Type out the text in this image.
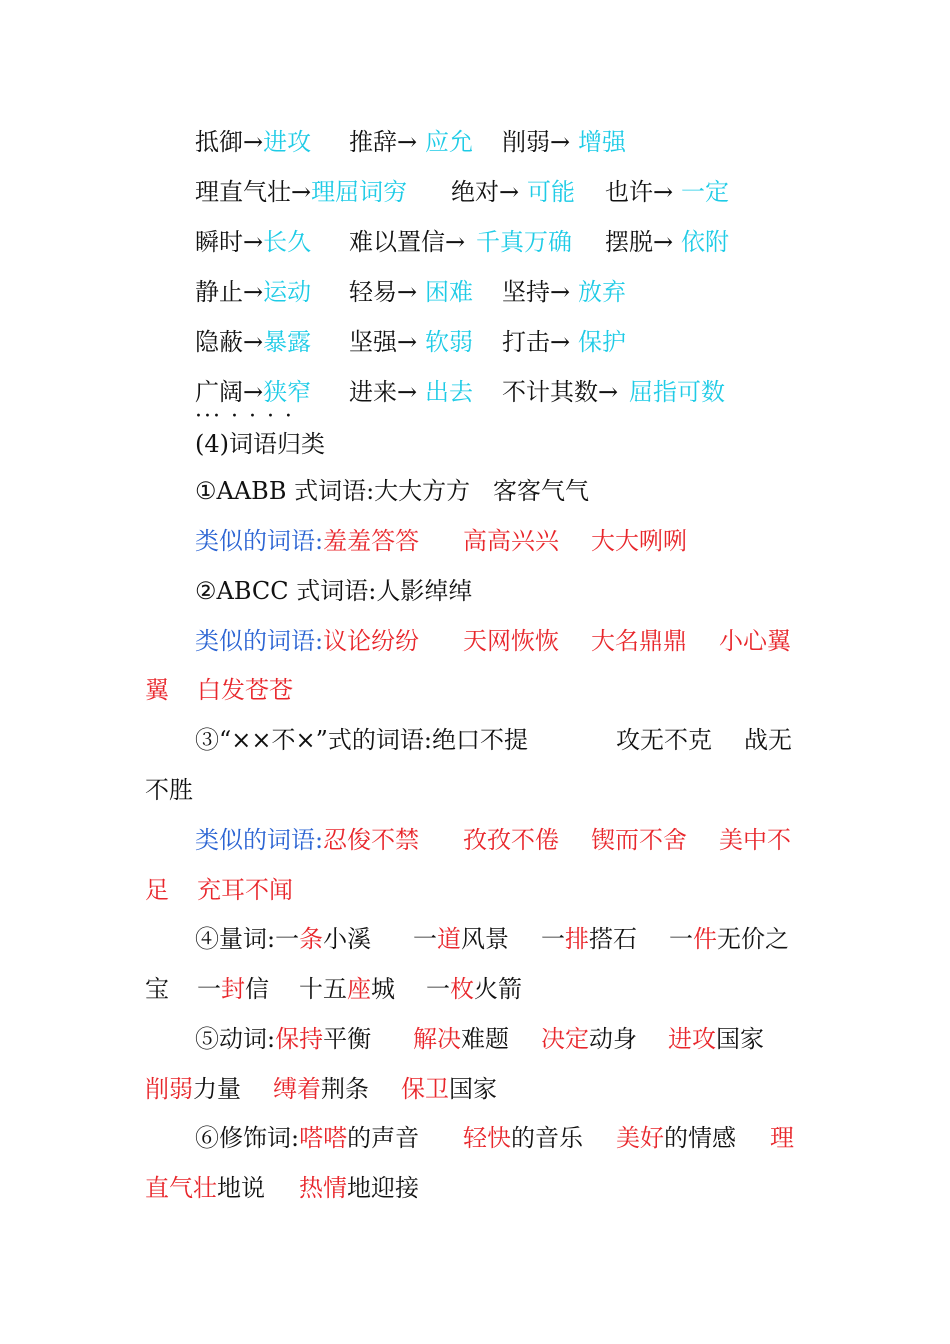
抵御→进攻 推辞→ 应允 削弱→ 增强
理直气壮→理屈词穷 绝对→ 可能 也许→ 一定
瞬时→长久 难以置信→ 千真万确 摆脱→ 依附
静止→运动 轻易→ 困难 坚持→ 放弃
隐蔽→暴露 坚强→ 软弱 打击→ 保护
广阔→狭窄 进来→ 出去 不计其数→ 屈指可数
··· · · · ·
(4)词语归类
①AABB 式词语:大大方方 客客气气
类似的词语:羞羞答答 高高兴兴 大大咧咧
②ABCC 式词语:人影绰绰
类似的词语:议论纷纷 天网恢恢 大名鼎鼎 小心翼
翼 白发苍苍
③“××不×”式的词语:绝口不提	攻无不克 战无
不胜
类似的词语:忍俊不禁 孜孜不倦 锲而不舍 美中不
足 充耳不闻
④量词:一条小溪 一道风景 一排搭石 一件无价之
宝 一封信 十五座城 一枚火箭
⑤动词:保持平衡 解决难题 决定动身 进攻国家
削弱力量 缚着荆条 保卫国家
⑥修饰词:嗒嗒的声音 轻快的音乐 美好的情感 理
直气壮地说 热情地迎接
